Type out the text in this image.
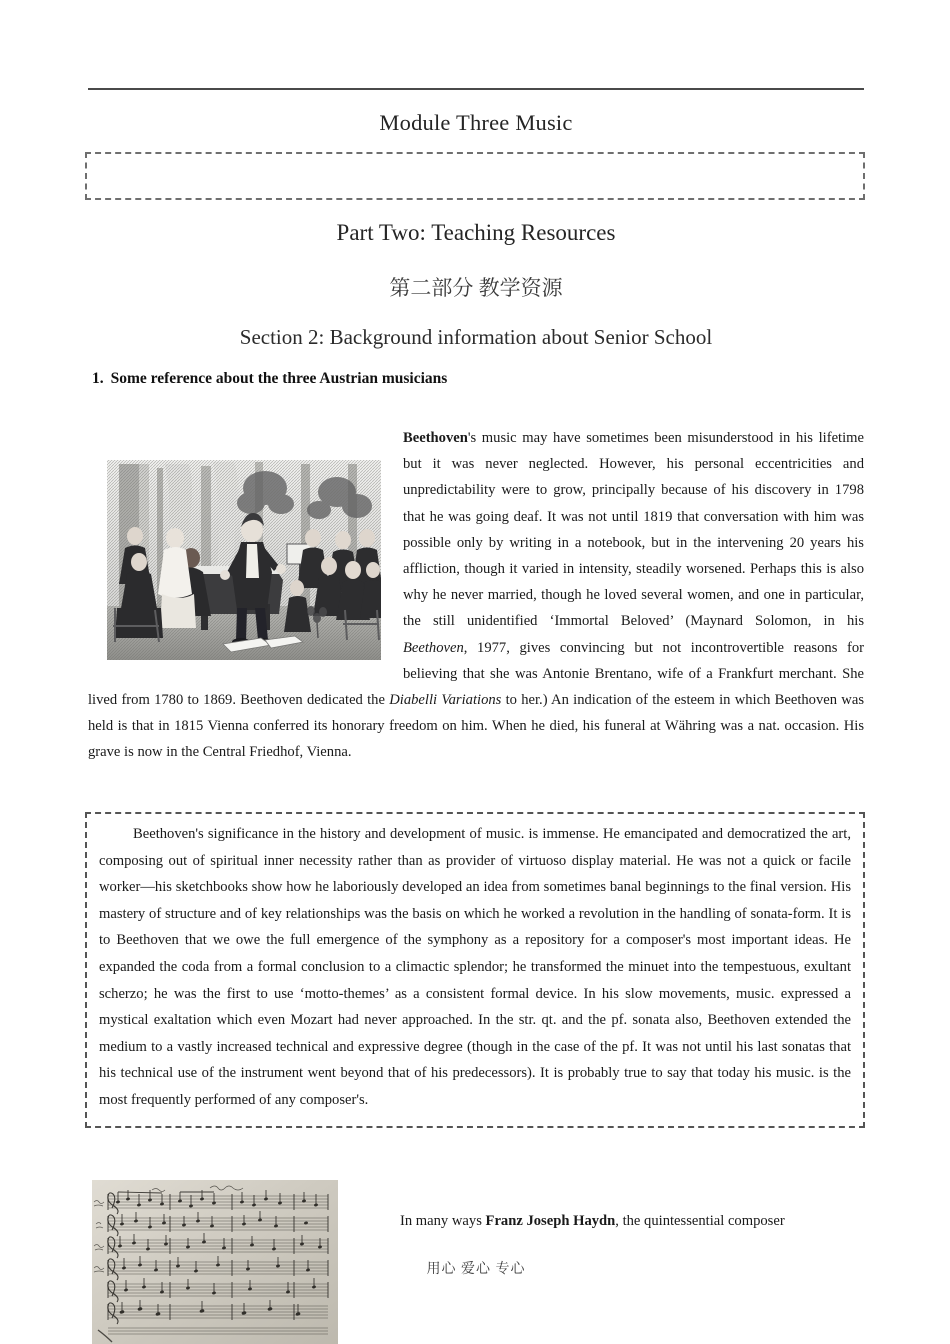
Module Three Music
Part Two: Teaching Resources
第二部分 教学资源
Section 2: Background information about Senior School
1. Some reference about the three Austrian musicians

Beethoven's music may have sometimes been misunderstood in his lifetime but it was never neglected. However, his personal eccentricities and unpredictability were to grow, principally because of his discovery in 1798 that he was going deaf. It was not until 1819 that conversation with him was possible only by writing in a notebook, but in the intervening 20 years his affliction, though it varied in intensity, steadily worsened. Perhaps this is also why he never married, though he loved several women, and one in particular, the still unidentified ‘Immortal Beloved’ (Maynard Solomon, in his Beethoven, 1977, gives convincing but not incontrovertible reasons for believing that she was Antonie Brentano, wife of a Frankfurt merchant. She lived from 1780 to 1869. Beethoven dedicated the Diabelli Variations to her.) An indication of the esteem in which Beethoven was held is that in 1815 Vienna conferred its honorary freedom on him. When he died, his funeral at Währing was a nat. occasion. His grave is now in the Central Friedhof, Vienna.

Beethoven's significance in the history and development of music. is immense. He emancipated and democratized the art, composing out of spiritual inner necessity rather than as provider of virtuoso display material. He was not a quick or facile worker—his sketchbooks show how he laboriously developed an idea from sometimes banal beginnings to the final version. His mastery of structure and of key relationships was the basis on which he worked a revolution in the handling of sonata-form. It is to Beethoven that we owe the full emergence of the symphony as a repository for a composer's most important ideas. He expanded the coda from a formal conclusion to a climactic splendor; he transformed the minuet into the tempestuous, exultant scherzo; he was the first to use ‘motto-themes’ as a consistent formal device. In his slow movements, music. expressed a mystical exaltation which even Mozart had never approached. In the str. qt. and the pf. sonata also, Beethoven extended the medium to a vastly increased technical and expressive degree (though in the case of the pf. It was not until his last sonatas that his technical use of the instrument went beyond that of his predecessors). It is probably true to say that today his music. is the most frequently performed of any composer's.

In many ways Franz Joseph Haydn, the quintessential composer

用心 爱心 专心
